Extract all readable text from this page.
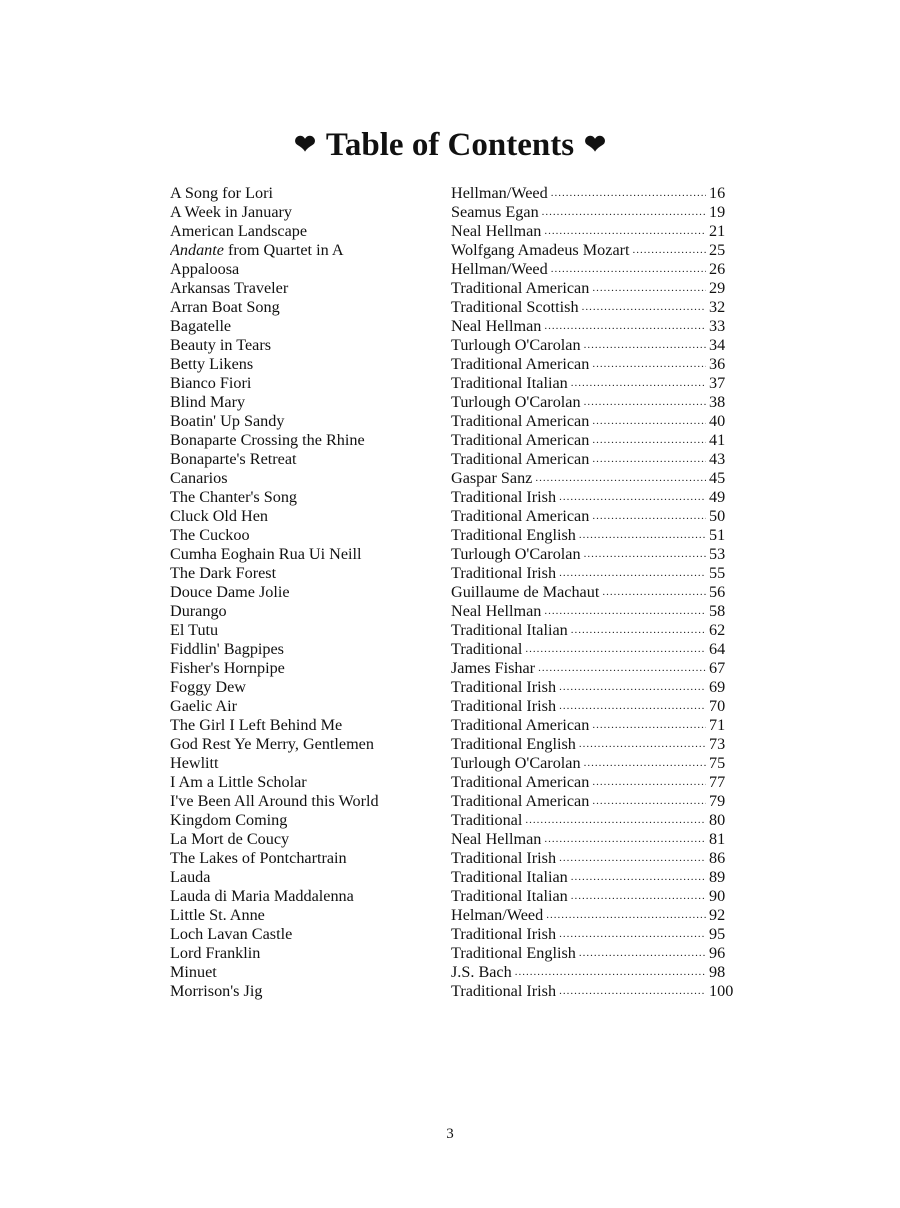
❤ Table of Contents ❤
A Song for Lori	Hellman/Weed .....	16
A Week in January	Seamus Egan .....	19
American Landscape	Neal Hellman .....	21
Andante from Quartet in A	Wolfgang Amadeus Mozart .....	25
Appaloosa	Hellman/Weed .....	26
Arkansas Traveler	Traditional American .....	29
Arran Boat Song	Traditional Scottish .....	32
Bagatelle	Neal Hellman .....	33
Beauty in Tears	Turlough O'Carolan .....	34
Betty Likens	Traditional American .....	36
Bianco Fiori	Traditional Italian .....	37
Blind Mary	Turlough O'Carolan .....	38
Boatin' Up Sandy	Traditional American .....	40
Bonaparte Crossing the Rhine	Traditional American .....	41
Bonaparte's Retreat	Traditional American .....	43
Canarios	Gaspar Sanz .....	45
The Chanter's Song	Traditional Irish .....	49
Cluck Old Hen	Traditional American .....	50
The Cuckoo	Traditional English .....	51
Cumha Eoghain Rua Ui Neill	Turlough O'Carolan .....	53
The Dark Forest	Traditional Irish .....	55
Douce Dame Jolie	Guillaume de Machaut .....	56
Durango	Neal Hellman .....	58
El Tutu	Traditional Italian .....	62
Fiddlin' Bagpipes	Traditional .....	64
Fisher's Hornpipe	James Fishar .....	67
Foggy Dew	Traditional Irish .....	69
Gaelic Air	Traditional Irish .....	70
The Girl I Left Behind Me	Traditional American .....	71
God Rest Ye Merry, Gentlemen	Traditional English .....	73
Hewlitt	Turlough O'Carolan .....	75
I Am a Little Scholar	Traditional American .....	77
I've Been All Around this World	Traditional American .....	79
Kingdom Coming	Traditional .....	80
La Mort de Coucy	Neal Hellman .....	81
The Lakes of Pontchartrain	Traditional Irish .....	86
Lauda	Traditional Italian .....	89
Lauda di Maria Maddalenna	Traditional Italian .....	90
Little St. Anne	Helman/Weed .....	92
Loch Lavan Castle	Traditional Irish .....	95
Lord Franklin	Traditional English .....	96
Minuet	J.S. Bach .....	98
Morrison's Jig	Traditional Irish .....	100
3
